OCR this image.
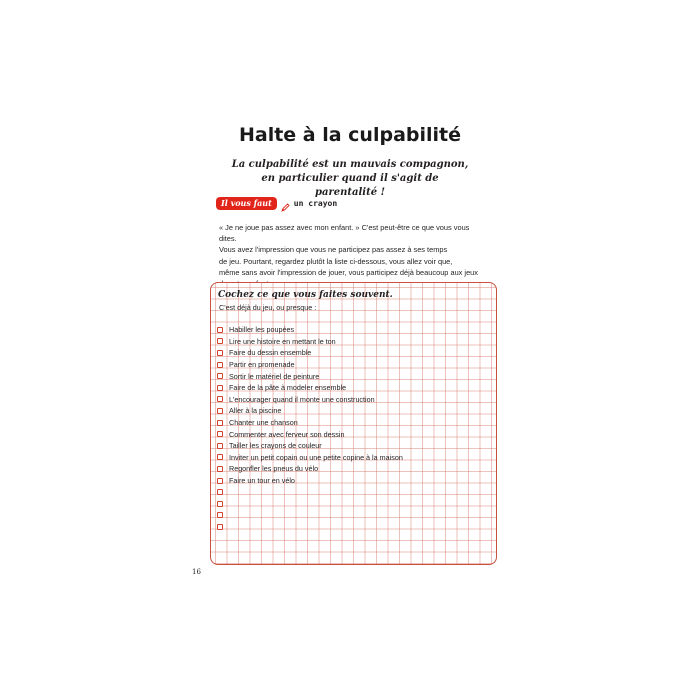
Halte à la culpabilité
La culpabilité est un mauvais compagnon,
en particulier quand il s'agit de parentalité !
Il vous faut	un crayon

« Je ne joue pas assez avec mon enfant. » C'est peut-être ce que vous vous dites.

Vous avez l'impression que vous ne participez pas assez à ses temps

de jeu. Pourtant, regardez plutôt la liste ci-dessous, vous allez voir que,

même sans avoir l'impression de jouer, vous participez déjà beaucoup aux jeux

Cochez ce que vous faites souvent.
C'est déjà du jeu, ou presque :
Habiller les poupées
Lire une histoire en mettant le ton
Faire du dessin ensemble
Partir en promenade
Sortir le matériel de peinture
Faire de la pâte à modeler ensemble
L'encourager quand il monte une construction
Aller à la piscine
Chanter une chanson
Commenter avec ferveur son dessin
Tailler les crayons de couleur
Inviter un petit copain ou une petite copine à la maison
Regonfler les pneus du vélo
Faire un tour en vélo
16
